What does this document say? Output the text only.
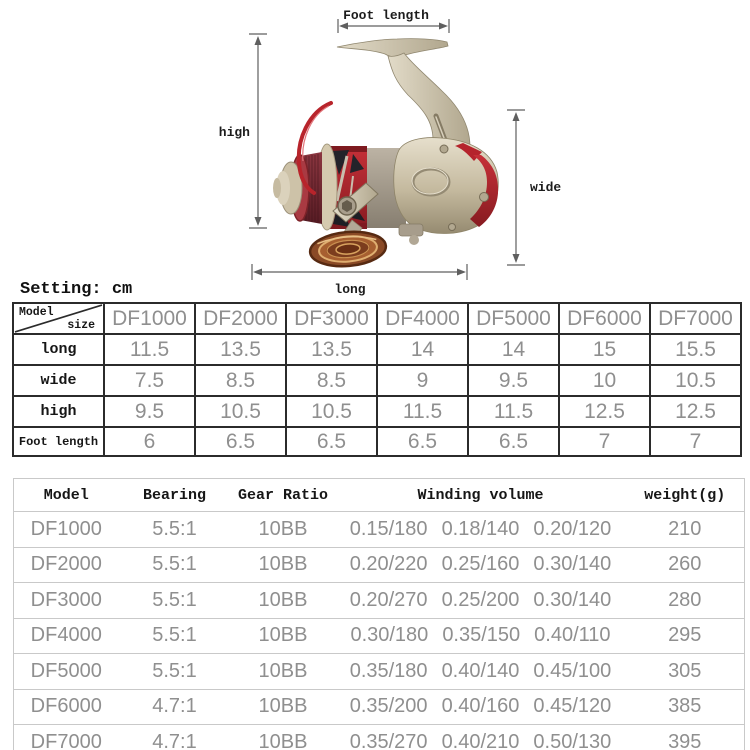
Foot length
high
wide
long
Setting: cm
Model
size	DF1000	DF2000	DF3000	DF4000	DF5000	DF6000	DF7000
long	11.5	13.5	13.5	14	14	15	15.5
wide	7.5	8.5	8.5	9	9.5	10	10.5
high	9.5	10.5	10.5	11.5	11.5	12.5	12.5
Foot length	6	6.5	6.5	6.5	6.5	7	7
Model	Bearing	Gear Ratio	Winding volume	weight(g)
DF1000	5.5:1	10BB	0.15/180 0.18/140 0.20/120	210
DF2000	5.5:1	10BB	0.20/220 0.25/160 0.30/140	260
DF3000	5.5:1	10BB	0.20/270 0.25/200 0.30/140	280
DF4000	5.5:1	10BB	0.30/180 0.35/150 0.40/110	295
DF5000	5.5:1	10BB	0.35/180 0.40/140 0.45/100	305
DF6000	4.7:1	10BB	0.35/200 0.40/160 0.45/120	385
DF7000	4.7:1	10BB	0.35/270 0.40/210 0.50/130	395
